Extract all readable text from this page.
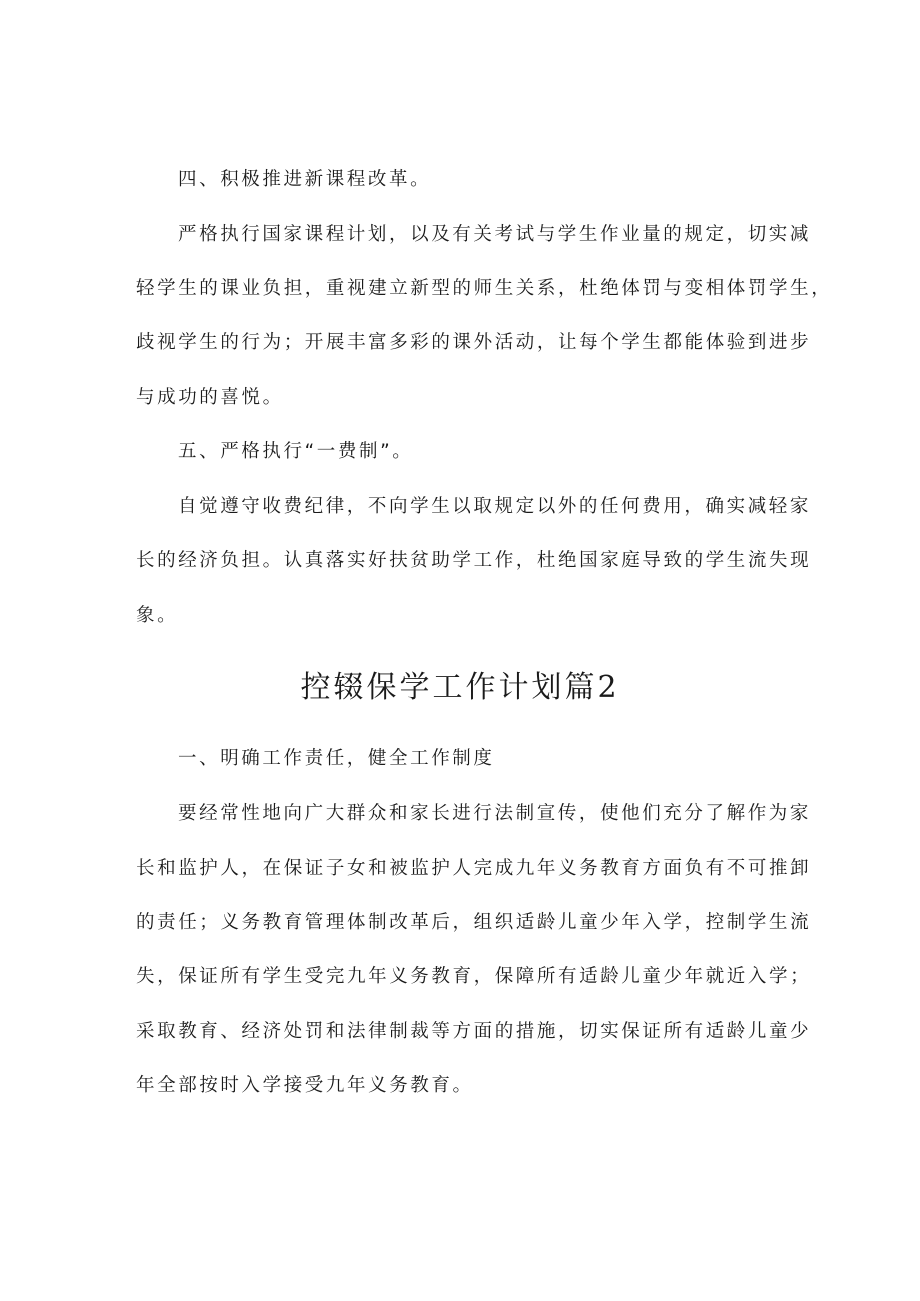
四、积极推进新课程改革。
严格执行国家课程计划，以及有关考试与学生作业量的规定，切实减
轻学生的课业负担，重视建立新型的师生关系，杜绝体罚与变相体罚学生，
歧视学生的行为；开展丰富多彩的课外活动，让每个学生都能体验到进步
与成功的喜悦。
五、严格执行“一费制”。
自觉遵守收费纪律，不向学生以取规定以外的任何费用，确实减轻家
长的经济负担。认真落实好扶贫助学工作，杜绝国家庭导致的学生流失现
象。
控辍保学工作计划篇2
一、明确工作责任，健全工作制度
要经常性地向广大群众和家长进行法制宣传，使他们充分了解作为家
长和监护人，在保证子女和被监护人完成九年义务教育方面负有不可推卸
的责任；义务教育管理体制改革后，组织适龄儿童少年入学，控制学生流
失，保证所有学生受完九年义务教育，保障所有适龄儿童少年就近入学；
采取教育、经济处罚和法律制裁等方面的措施，切实保证所有适龄儿童少
年全部按时入学接受九年义务教育。
